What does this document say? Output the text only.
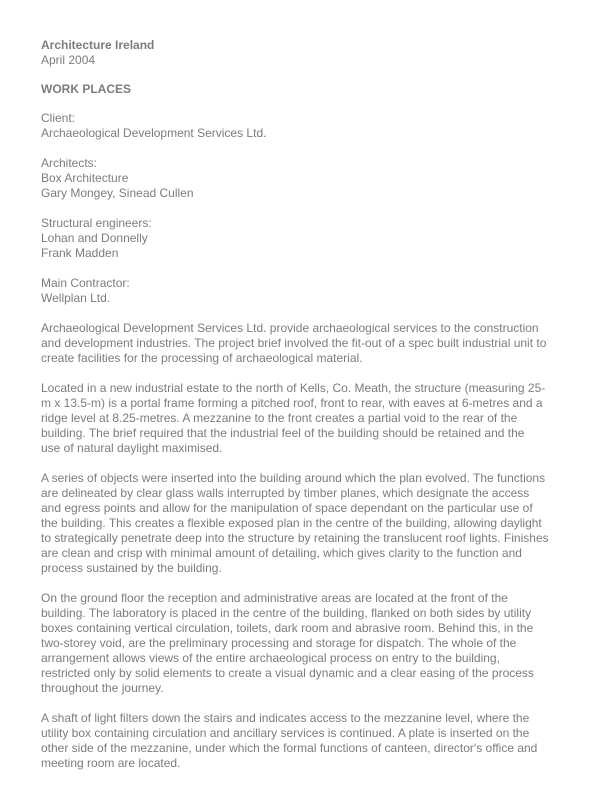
Architecture Ireland
April 2004
WORK PLACES
Client:
Archaeological Development Services Ltd.
Architects:
Box Architecture
Gary Mongey, Sinead Cullen
Structural engineers:
Lohan and Donnelly
Frank Madden
Main Contractor:
Wellplan Ltd.

Archaeological Development Services Ltd. provide archaeological services to the construction
and development industries. The project brief involved the fit-out of a spec built industrial unit to
create facilities for the processing of archaeological material.

Located in a new industrial estate to the north of Kells, Co. Meath, the structure (measuring 25-
m x 13.5-m) is a portal frame forming a pitched roof, front to rear, with eaves at 6-metres and a
ridge level at 8.25-metres. A mezzanine to the front creates a partial void to the rear of the
building. The brief required that the industrial feel of the building should be retained and the
use of natural daylight maximised.

A series of objects were inserted into the building around which the plan evolved. The functions
are delineated by clear glass walls interrupted by timber planes, which designate the access
and egress points and allow for the manipulation of space dependant on the particular use of
the building. This creates a flexible exposed plan in the centre of the building, allowing daylight
to strategically penetrate deep into the structure by retaining the translucent roof lights. Finishes
are clean and crisp with minimal amount of detailing, which gives clarity to the function and
process sustained by the building.

On the ground floor the reception and administrative areas are located at the front of the
building. The laboratory is placed in the centre of the building, flanked on both sides by utility
boxes containing vertical circulation, toilets, dark room and abrasive room. Behind this, in the
two-storey void, are the preliminary processing and storage for dispatch. The whole of the
arrangement allows views of the entire archaeological process on entry to the building,
restricted only by solid elements to create a visual dynamic and a clear easing of the process
throughout the journey.

A shaft of light filters down the stairs and indicates access to the mezzanine level, where the
utility box containing circulation and ancillary services is continued. A plate is inserted on the
other side of the mezzanine, under which the formal functions of canteen, director's office and
meeting room are located.
